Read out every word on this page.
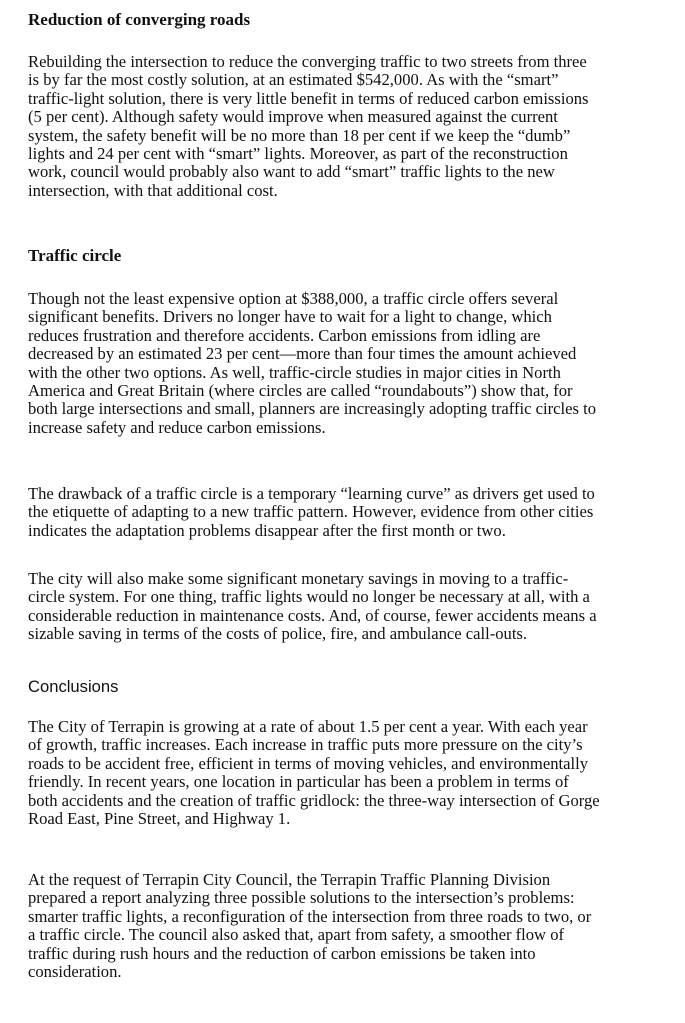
Reduction of converging roads
Rebuilding the intersection to reduce the converging traffic to two streets from three
is by far the most costly solution, at an estimated $542,000. As with the “smart”
traffic-light solution, there is very little benefit in terms of reduced carbon emissions
(5 per cent). Although safety would improve when measured against the current
system, the safety benefit will be no more than 18 per cent if we keep the “dumb”
lights and 24 per cent with “smart” lights. Moreover, as part of the reconstruction
work, council would probably also want to add “smart” traffic lights to the new
intersection, with that additional cost.
Traffic circle
Though not the least expensive option at $388,000, a traffic circle offers several
significant benefits. Drivers no longer have to wait for a light to change, which
reduces frustration and therefore accidents. Carbon emissions from idling are
decreased by an estimated 23 per cent—more than four times the amount achieved
with the other two options. As well, traffic-circle studies in major cities in North
America and Great Britain (where circles are called “roundabouts”) show that, for
both large intersections and small, planners are increasingly adopting traffic circles to
increase safety and reduce carbon emissions.
The drawback of a traffic circle is a temporary “learning curve” as drivers get used to
the etiquette of adapting to a new traffic pattern. However, evidence from other cities
indicates the adaptation problems disappear after the first month or two.
The city will also make some significant monetary savings in moving to a traffic-
circle system. For one thing, traffic lights would no longer be necessary at all, with a
considerable reduction in maintenance costs. And, of course, fewer accidents means a
sizable saving in terms of the costs of police, fire, and ambulance call-outs.
Conclusions
The City of Terrapin is growing at a rate of about 1.5 per cent a year. With each year
of growth, traffic increases. Each increase in traffic puts more pressure on the city’s
roads to be accident free, efficient in terms of moving vehicles, and environmentally
friendly. In recent years, one location in particular has been a problem in terms of
both accidents and the creation of traffic gridlock: the three-way intersection of Gorge
Road East, Pine Street, and Highway 1.
At the request of Terrapin City Council, the Terrapin Traffic Planning Division
prepared a report analyzing three possible solutions to the intersection’s problems:
smarter traffic lights, a reconfiguration of the intersection from three roads to two, or
a traffic circle. The council also asked that, apart from safety, a smoother flow of
traffic during rush hours and the reduction of carbon emissions be taken into
consideration.
